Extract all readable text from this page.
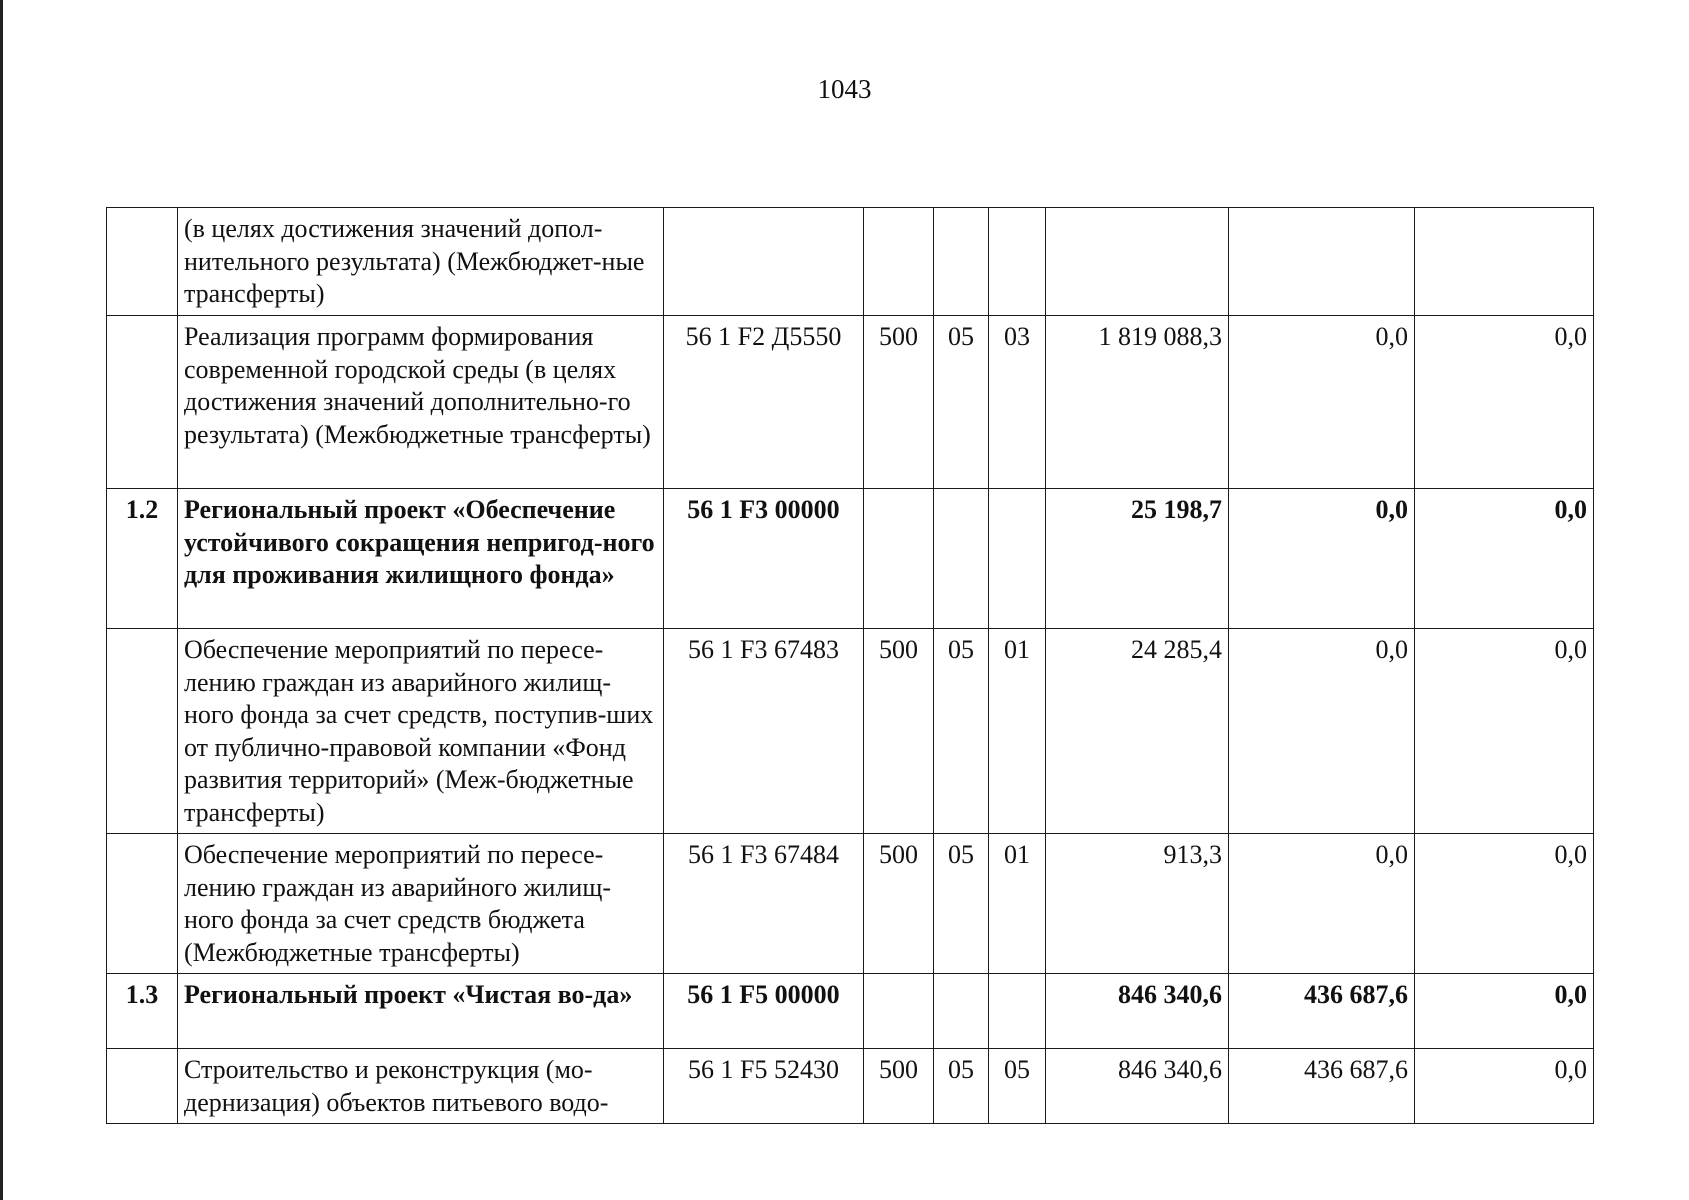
1043
	(в целях достижения значений допол-нительного результата) (Межбюджет-ные трансферты)							
	Реализация программ формирования современной городской среды (в целях достижения значений дополнительно-го результата) (Межбюджетные трансферты)	56 1 F2 Д5550	500	05	03	1 819 088,3	0,0	0,0
1.2	Региональный проект «Обеспечение устойчивого сокращения непригод-ного для проживания жилищного фонда»	56 1 F3 00000				25 198,7	0,0	0,0
	Обеспечение мероприятий по пересе-лению граждан из аварийного жилищ-ного фонда за счет средств, поступив-ших от публично-правовой компании «Фонд развития территорий» (Меж-бюджетные трансферты)	56 1 F3 67483	500	05	01	24 285,4	0,0	0,0
	Обеспечение мероприятий по пересе-лению граждан из аварийного жилищ-ного фонда за счет средств бюджета (Межбюджетные трансферты)	56 1 F3 67484	500	05	01	913,3	0,0	0,0
1.3	Региональный проект «Чистая во-да»	56 1 F5 00000				846 340,6	436 687,6	0,0
	Строительство и реконструкция (мо-дернизация) объектов питьевого водо-	56 1 F5 52430	500	05	05	846 340,6	436 687,6	0,0
